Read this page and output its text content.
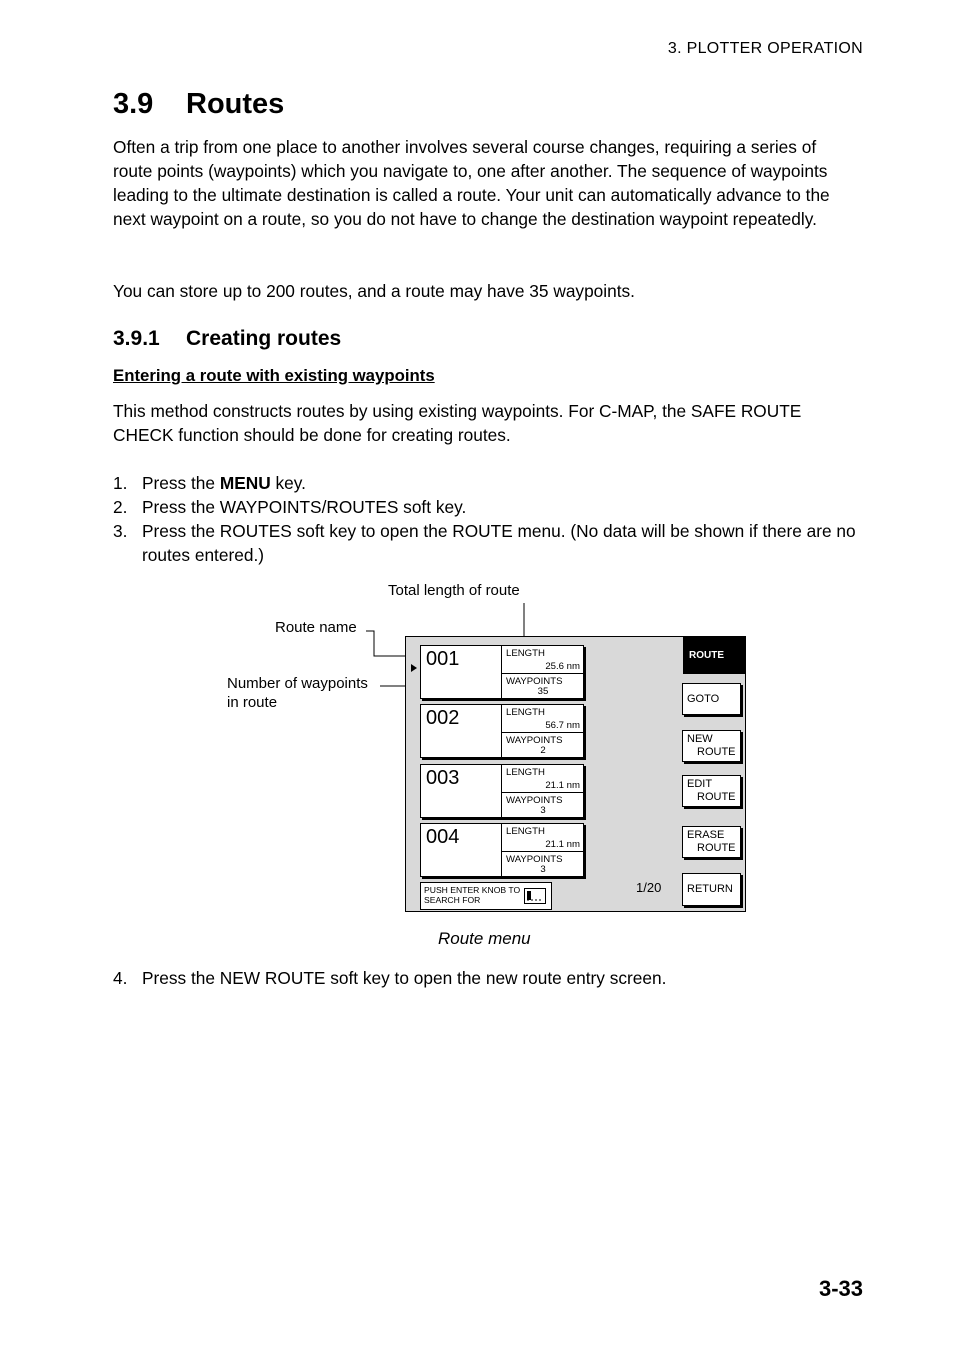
3. PLOTTER OPERATION
3.9 Routes

Often a trip from one place to another involves several course changes, requiring a series of route points (waypoints) which you navigate to, one after another. The sequence of waypoints leading to the ultimate destination is called a route. Your unit can automatically advance to the next waypoint on a route, so you do not have to change the destination waypoint repeatedly.

You can store up to 200 routes, and a route may have 35 waypoints.

3.9.1 Creating routes
Entering a route with existing waypoints

This method constructs routes by using existing waypoints. For C-MAP, the SAFE ROUTE CHECK function should be done for creating routes.

1. Press the MENU key.
2. Press the WAYPOINTS/ROUTES soft key.
3. Press the ROUTES soft key to open the ROUTE menu. (No data will be shown if there are no routes entered.)
Total length of route
Route name
Number of waypoints
in route
001	LENGTH
25.6 nm
WAYPOINTS
35
002	LENGTH
56.7 nm
WAYPOINTS
2
003	LENGTH
21.1 nm
WAYPOINTS
3
004	LENGTH
21.1 nm
WAYPOINTS
3
ROUTE
GOTO
NEW
ROUTE
EDIT
ROUTE
ERASE
ROUTE
RETURN
PUSH ENTER KNOB TO
SEARCH FOR
1/20
Route menu
4. Press the NEW ROUTE soft key to open the new route entry screen.
3-33
